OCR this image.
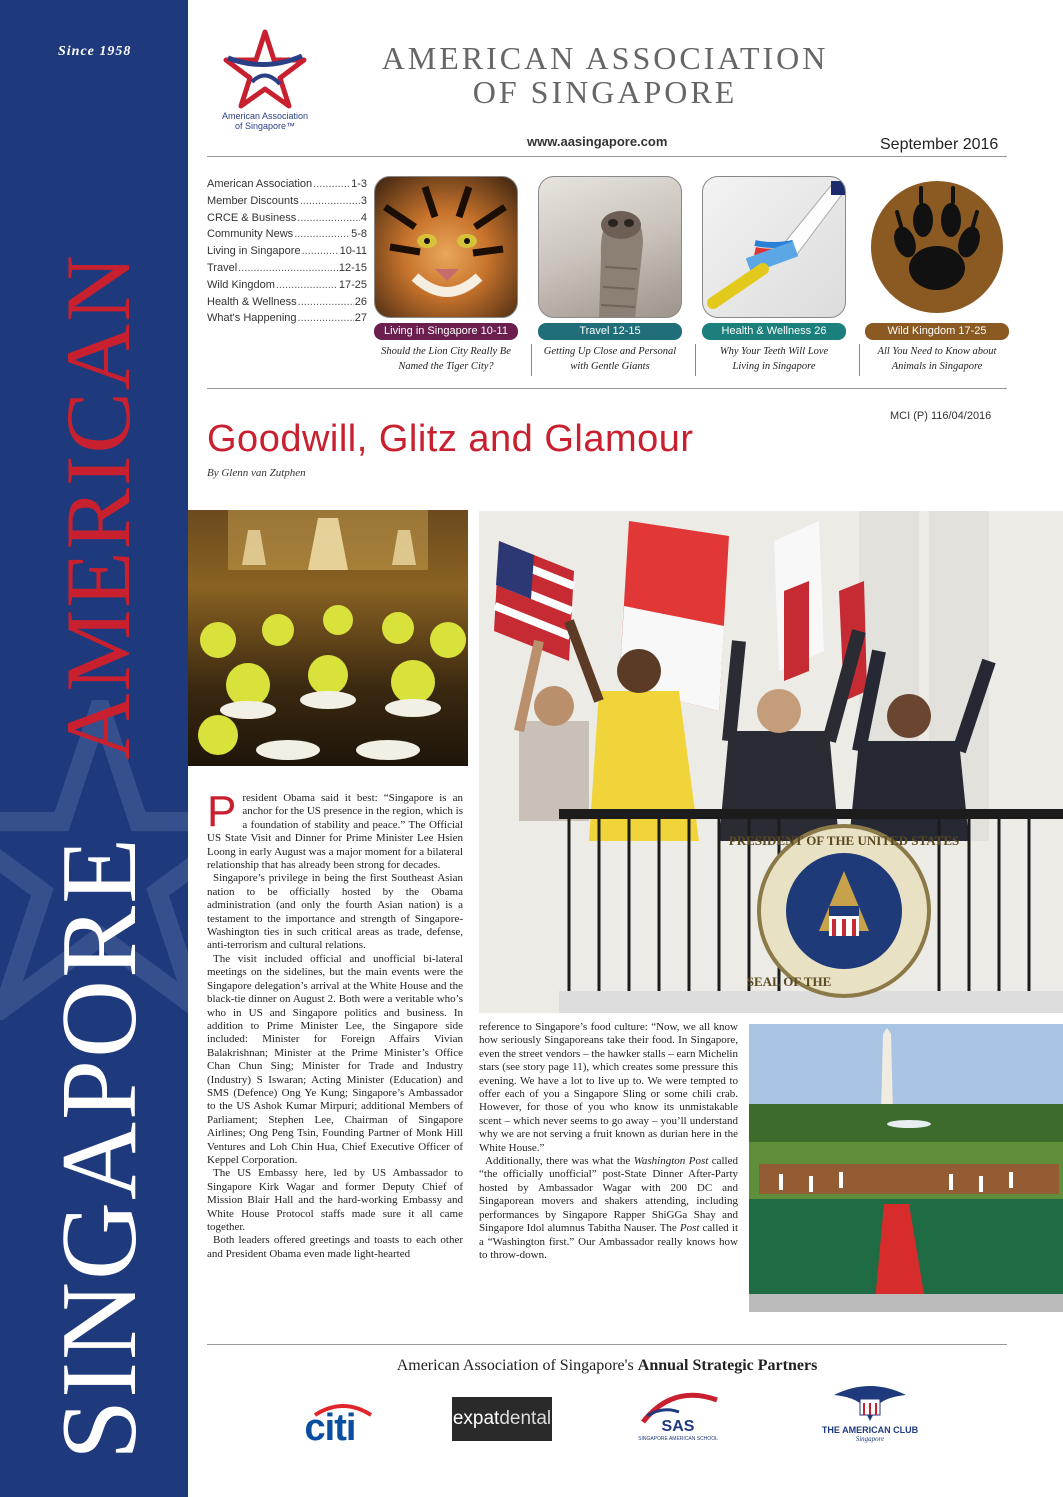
Since 1958
AMERICAN
SINGAPORE
American Association
of Singapore™
AMERICAN ASSOCIATION
OF SINGAPORE
www.aasingapore.com	September 2016
American Association .....	1-3
Member Discounts .....	3
CRCE & Business .....	4
Community News .....	5-8
Living in Singapore .....	10-11
Travel .....	12-15
Wild Kingdom .....	17-25
Health & Wellness .....	26
What's Happening .....	27
Living in Singapore 10-11
Should the Lion City Really Be
Named the Tiger City?
Travel 12-15
Getting Up Close and Personal
with Gentle Giants
Health & Wellness 26
Why Your Teeth Will Love
Living in Singapore
Wild Kingdom 17-25
All You Need to Know about
Animals in Singapore
MCI (P) 116/04/2016
Goodwill, Glitz and Glamour
By Glenn van Zutphen
PRESIDENT OF THE UNITED STATES
SEAL OF THE

President Obama said it best: “Singapore is an anchor for the US presence in the region, which is a foundation of stability and peace.” The Official US State Visit and Dinner for Prime Minister Lee Hsien Loong in early August was a major moment for a bilateral relationship that has already been strong for decades.

Singapore’s privilege in being the first Southeast Asian nation to be officially hosted by the Obama administration (and only the fourth Asian nation) is a testament to the importance and strength of Singapore-Washington ties in such critical areas as trade, defense, anti-terrorism and cultural relations.

The visit included official and unofficial bi-lateral meetings on the sidelines, but the main events were the Singapore delegation’s arrival at the White House and the black-tie dinner on August 2. Both were a veritable who’s who in US and Singapore politics and business. In addition to Prime Minister Lee, the Singapore side included: Minister for Foreign Affairs Vivian Balakrishnan; Minister at the Prime Minister’s Office Chan Chun Sing; Minister for Trade and Industry (Industry) S Iswaran; Acting Minister (Education) and SMS (Defence) Ong Ye Kung; Singapore’s Ambassador to the US Ashok Kumar Mirpuri; additional Members of Parliament; Stephen Lee, Chairman of Singapore Airlines; Ong Peng Tsin, Founding Partner of Monk Hill Ventures and Loh Chin Hua, Chief Executive Officer of Keppel Corporation.

The US Embassy here, led by US Ambassador to Singapore Kirk Wagar and former Deputy Chief of Mission Blair Hall and the hard-working Embassy and White House Protocol staffs made sure it all came together.

Both leaders offered greetings and toasts to each other and President Obama even made light-hearted

reference to Singapore’s food culture: “Now, we all know how seriously Singaporeans take their food. In Singapore, even the street vendors – the hawker stalls – earn Michelin stars (see story page 11), which creates some pressure this evening. We have a lot to live up to. We were tempted to offer each of you a Singapore Sling or some chili crab. However, for those of you who know its unmistakable scent – which never seems to go away – you’ll understand why we are not serving a fruit known as durian here in the White House.”

Additionally, there was what the Washington Post called “the officially unofficial” post-State Dinner After-Party hosted by Ambassador Wagar with 200 DC and Singaporean movers and shakers attending, including performances by Singapore Rapper ShiGGa Shay and Singapore Idol alumnus Tabitha Nauser. The Post called it a “Washington first.” Our Ambassador really knows how to throw-down.

American Association of Singapore's Annual Strategic Partners
citi	expatdental	SAS
SINGAPORE AMERICAN SCHOOL
THE AMERICAN CLUB
Singapore
